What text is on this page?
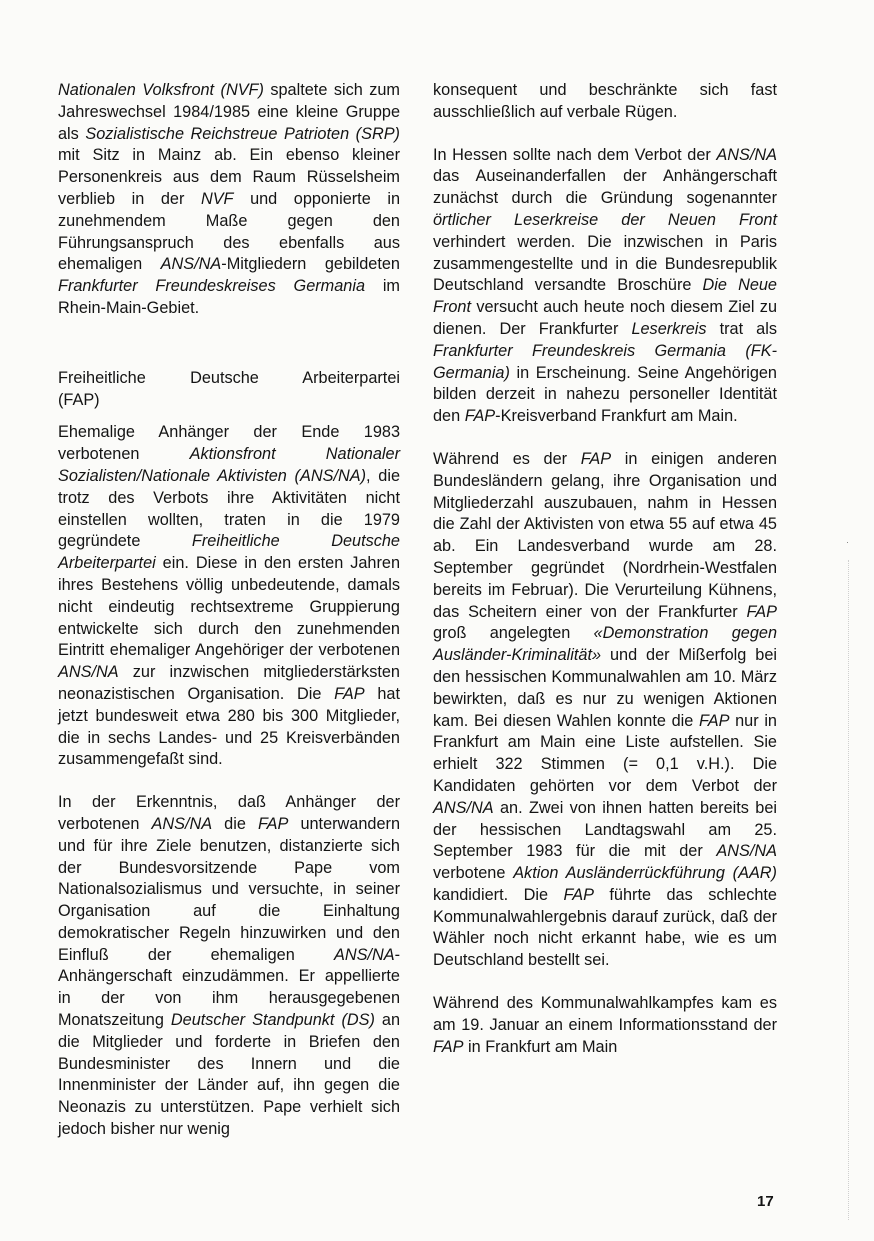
Nationalen Volksfront (NVF) spaltete sich zum Jahreswechsel 1984/1985 eine kleine Gruppe als Sozialistische Reichstreue Patrioten (SRP) mit Sitz in Mainz ab. Ein ebenso kleiner Personenkreis aus dem Raum Rüsselsheim verblieb in der NVF und opponierte in zunehmendem Maße gegen den Führungsanspruch des ebenfalls aus ehemaligen ANS/NA-Mitgliedern gebildeten Frankfurter Freundeskreises Germania im Rhein-Main-Gebiet.

Freiheitliche Deutsche Arbeiterpartei
(FAP)

Ehemalige Anhänger der Ende 1983 verbotenen Aktionsfront Nationaler Sozialisten/Nationale Aktivisten (ANS/NA), die trotz des Verbots ihre Aktivitäten nicht einstellen wollten, traten in die 1979 gegründete Freiheitliche Deutsche Arbeiterpartei ein. Diese in den ersten Jahren ihres Bestehens völlig unbedeutende, damals nicht eindeutig rechtsextreme Gruppierung entwickelte sich durch den zunehmenden Eintritt ehemaliger Angehöriger der verbotenen ANS/NA zur inzwischen mitgliederstärksten neonazistischen Organisation. Die FAP hat jetzt bundesweit etwa 280 bis 300 Mitglieder, die in sechs Landes- und 25 Kreisverbänden zusammengefaßt sind.

In der Erkenntnis, daß Anhänger der verbotenen ANS/NA die FAP unterwandern und für ihre Ziele benutzen, distanzierte sich der Bundesvorsitzende Pape vom Nationalsozialismus und versuchte, in seiner Organisation auf die Einhaltung demokratischer Regeln hinzuwirken und den Einfluß der ehemaligen ANS/NA-Anhängerschaft einzudämmen. Er appellierte in der von ihm herausgegebenen Monatszeitung Deutscher Standpunkt (DS) an die Mitglieder und forderte in Briefen den Bundesminister des Innern und die Innenminister der Länder auf, ihn gegen die Neonazis zu unterstützen. Pape verhielt sich jedoch bisher nur wenig

konsequent und beschränkte sich fast ausschließlich auf verbale Rügen.

In Hessen sollte nach dem Verbot der ANS/NA das Auseinanderfallen der Anhängerschaft zunächst durch die Gründung sogenannter örtlicher Leserkreise der Neuen Front verhindert werden. Die inzwischen in Paris zusammengestellte und in die Bundesrepublik Deutschland versandte Broschüre Die Neue Front versucht auch heute noch diesem Ziel zu dienen. Der Frankfurter Leserkreis trat als Frankfurter Freundeskreis Germania (FK-Germania) in Erscheinung. Seine Angehörigen bilden derzeit in nahezu personeller Identität den FAP-Kreisverband Frankfurt am Main.

Während es der FAP in einigen anderen Bundesländern gelang, ihre Organisation und Mitgliederzahl auszubauen, nahm in Hessen die Zahl der Aktivisten von etwa 55 auf etwa 45 ab. Ein Landesverband wurde am 28. September gegründet (Nordrhein-Westfalen bereits im Februar). Die Verurteilung Kühnens, das Scheitern einer von der Frankfurter FAP groß angelegten «Demonstration gegen Ausländer-Kriminalität» und der Mißerfolg bei den hessischen Kommunalwahlen am 10. März bewirkten, daß es nur zu wenigen Aktionen kam. Bei diesen Wahlen konnte die FAP nur in Frankfurt am Main eine Liste aufstellen. Sie erhielt 322 Stimmen (= 0,1 v.H.). Die Kandidaten gehörten vor dem Verbot der ANS/NA an. Zwei von ihnen hatten bereits bei der hessischen Landtagswahl am 25. September 1983 für die mit der ANS/NA verbotene Aktion Ausländerrückführung (AAR) kandidiert. Die FAP führte das schlechte Kommunalwahlergebnis darauf zurück, daß der Wähler noch nicht erkannt habe, wie es um Deutschland bestellt sei.

Während des Kommunalwahlkampfes kam es am 19. Januar an einem Informationsstand der FAP in Frankfurt am Main

·
17
